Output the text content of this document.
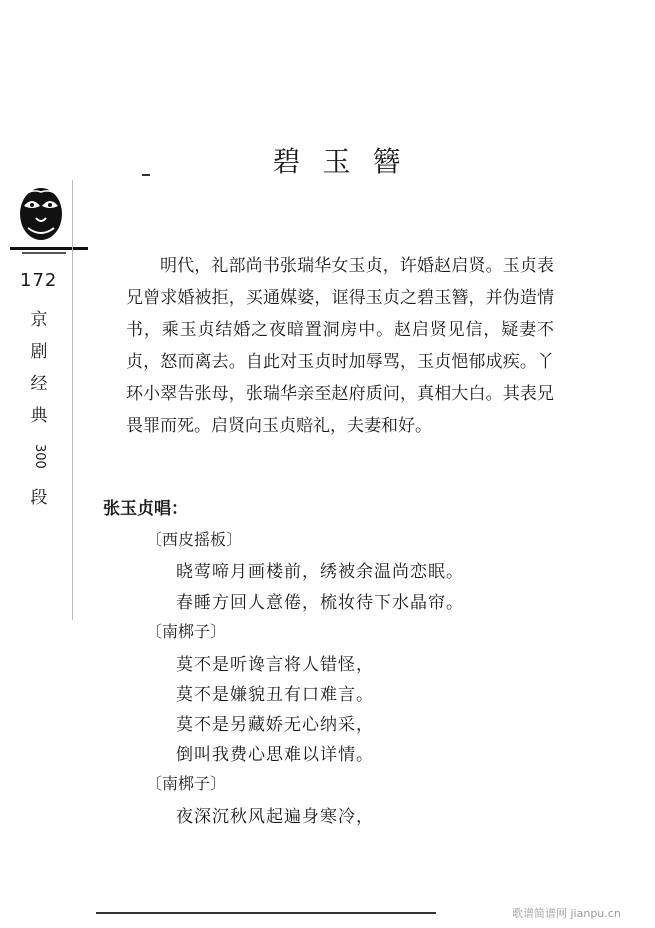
碧玉簪
172
京剧经典
300
段

明代，礼部尚书张瑞华女玉贞，许婚赵启贤。玉贞表兄曾求婚被拒，买通媒婆，诓得玉贞之碧玉簪，并伪造情书，乘玉贞结婚之夜暗置洞房中。赵启贤见信，疑妻不贞，怒而离去。自此对玉贞时加辱骂，玉贞悒郁成疾。丫环小翠告张母，张瑞华亲至赵府质问，真相大白。其表兄畏罪而死。启贤向玉贞赔礼，夫妻和好。

张玉贞唱：
〔西皮摇板〕
晓莺啼月画楼前，绣被余温尚恋眠。
春睡方回人意倦，梳妆待下水晶帘。
〔南梆子〕
莫不是听谗言将人错怪，
莫不是嫌貌丑有口难言。
莫不是另藏娇无心纳采，
倒叫我费心思难以详情。
〔南梆子〕
夜深沉秋风起遍身寒冷，
歌谱简谱网 jianpu.cn
